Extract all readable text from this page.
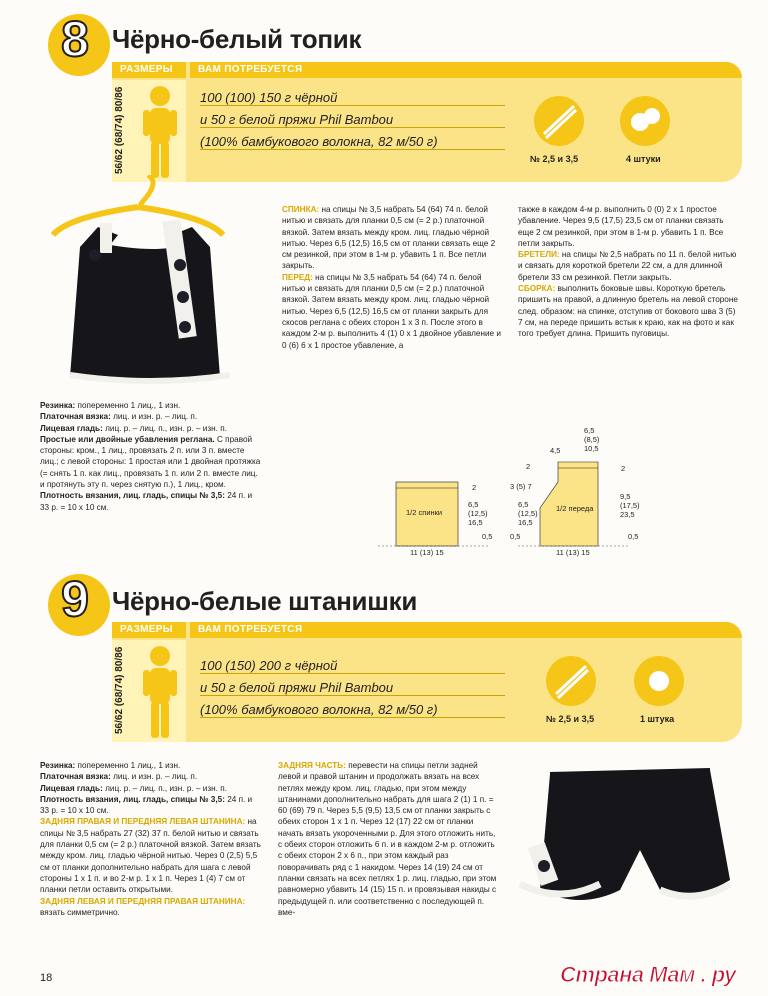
8 Чёрно-белый топик
РАЗМЕРЫ	ВАМ ПОТРЕБУЕТСЯ
56/62 (68/74) 80/86	100 (100) 150 г чёрной
и 50 г белой пряжи Phil Bambou
(100% бамбукового волокна, 82 м/50 г)
№ 2,5 и 3,5	4 штуки

Резинка: попеременно 1 лиц., 1 изн.

Платочная вязка: лиц. и изн. р. – лиц. п.

Лицевая гладь: лиц. р. – лиц. п., изн. р. – изн. п.

Простые или двойные убавления реглана. С правой стороны: кром., 1 лиц., провязать 2 п. или 3 п. вместе лиц.; с левой стороны: 1 простая или 1 двойная протяжка (= снять 1 п. как лиц., провязать 1 п. или 2 п. вместе лиц. и протянуть эту п. через снятую п.), 1 лиц., кром.

Плотность вязания, лиц. гладь, спицы № 3,5: 24 п. и 33 р. = 10 х 10 см.

СПИНКА: на спицы № 3,5 набрать 54 (64) 74 п. белой нитью и связать для планки 0,5 см (= 2 р.) платочной вязкой. Затем вязать между кром. лиц. гладью чёрной нитью. Через 6,5 (12,5) 16,5 см от планки связать еще 2 см резинкой, при этом в 1-м р. убавить 1 п. Все петли закрыть.

ПЕРЕД: на спицы № 3,5 набрать 54 (64) 74 п. белой нитью и связать для планки 0,5 см (= 2 р.) платочной вязкой. Затем вязать между кром. лиц. гладью чёрной нитью. Через 6,5 (12,5) 16,5 см от планки закрыть для скосов реглана с обеих сторон 1 х 3 п. После этого в каждом 2-м р. выполнить 4 (1) 0 х 1 двойное убавление и 0 (6) 6 х 1 простое убавление, а

также в каждом 4-м р. выполнить 0 (0) 2 х 1 простое убавление. Через 9,5 (17,5) 23,5 см от планки связать еще 2 см резинкой, при этом в 1-м р. убавить 1 п. Все петли закрыть.

БРЕТЕЛИ: на спицы № 2,5 набрать по 11 п. белой нитью и связать для короткой бретели 22 см, а для длинной бретели 33 см резинкой. Петли закрыть.

СБОРКА: выполнить боковые швы. Короткую бретель пришить на правой, а длинную бретель на левой стороне след. образом: на спинке, отступив от бокового шва 3 (5) 7 см, на переде пришить встык к краю, как на фото и как того требует длина. Пришить пуговицы.

1/2 спинки	1/2 переда
11 (13) 15	11 (13) 15
2
6,5
(12,5)
16,5
0,5
2
3 (5) 7
6,5
(12,5)
16,5
0,5
4,5
6,5
(8,5)
10,5
2
9,5
(17,5)
23,5
0,5
9 Чёрно-белые штанишки
РАЗМЕРЫ	ВАМ ПОТРЕБУЕТСЯ
56/62 (68/74) 80/86	100 (150) 200 г чёрной
и 50 г белой пряжи Phil Bambou
(100% бамбукового волокна, 82 м/50 г)
№ 2,5 и 3,5	1 штука

Резинка: попеременно 1 лиц., 1 изн.

Платочная вязка: лиц. и изн. р. – лиц. п.

Лицевая гладь: лиц. р. – лиц. п., изн. р. – изн. п.

Плотность вязания, лиц. гладь, спицы № 3,5: 24 п. и 33 р. = 10 х 10 см.

ЗАДНЯЯ ПРАВАЯ И ПЕРЕДНЯЯ ЛЕВАЯ ШТАНИНА: на спицы № 3,5 набрать 27 (32) 37 п. белой нитью и связать для планки 0,5 см (= 2 р.) платочной вязкой. Затем вязать между кром. лиц. гладью чёрной нитью. Через 0 (2,5) 5,5 см от планки дополнительно набрать для шага с левой стороны 1 х 1 п. и во 2-м р. 1 х 1 п. Через 1 (4) 7 см от планки петли оставить открытыми.

ЗАДНЯЯ ЛЕВАЯ И ПЕРЕДНЯЯ ПРАВАЯ ШТАНИНА: вязать симметрично.

ЗАДНЯЯ ЧАСТЬ: перевести на спицы петли задней левой и правой штанин и продолжать вязать на всех петлях между кром. лиц. гладью, при этом между штанинами дополнительно набрать для шага 2 (1) 1 п. = 60 (69) 79 п. Через 5,5 (9,5) 13,5 см от планки закрыть с обеих сторон 1 х 1 п. Через 12 (17) 22 см от планки начать вязать укороченными р. Для этого отложить нить, с обеих сторон отложить 6 п. и в каждом 2-м р. отложить с обеих сторон 2 х 6 п., при этом каждый раз поворачивать ряд с 1 накидом. Через 14 (19) 24 см от планки связать на всех петлях 1 р. лиц. гладью, при этом равномерно убавить 14 (15) 15 п. и провязывая накиды с предыдущей п. или соответственно с последующей п. вме-

18	Страна Мам . ру
